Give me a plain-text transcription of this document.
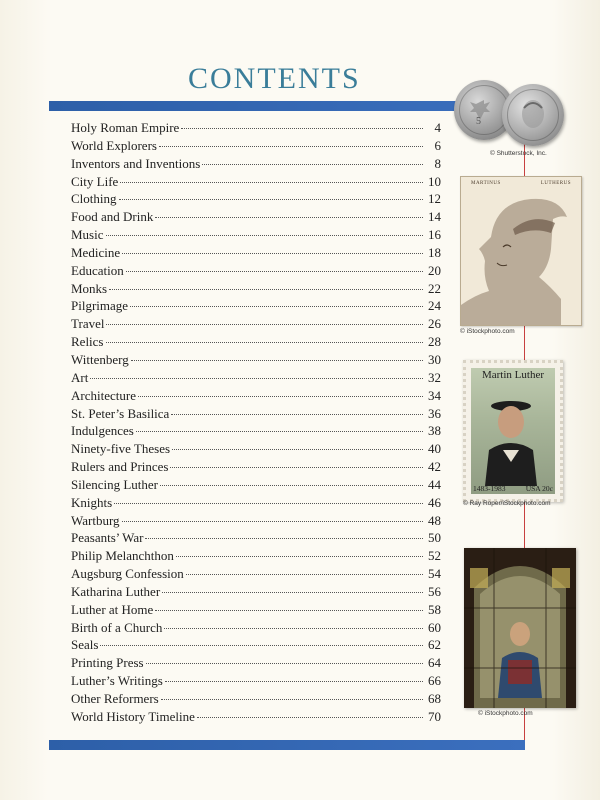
CONTENTS
Holy Roman Empire	4
World Explorers	6
Inventors and Inventions	8
City Life	10
Clothing	12
Food and Drink	14
Music	16
Medicine	18
Education	20
Monks	22
Pilgrimage	24
Travel	26
Relics	28
Wittenberg	30
Art	32
Architecture	34
St. Peter’s Basilica	36
Indulgences	38
Ninety-five Theses	40
Rulers and Princes	42
Silencing Luther	44
Knights	46
Wartburg	48
Peasants’ War	50
Philip Melanchthon	52
Augsburg Confession	54
Katharina Luther	56
Luther at Home	58
Birth of a Church	60
Seals	62
Printing Press	64
Luther’s Writings	66
Other Reformers	68
World History Timeline	70
5
© Shutterstock, Inc.
MARTINUS	LUTHERUS
© iStockphoto.com
Martin Luther
1483-1983	USA 20c
© Ray Roper/iStockphoto.com
© iStockphoto.com
